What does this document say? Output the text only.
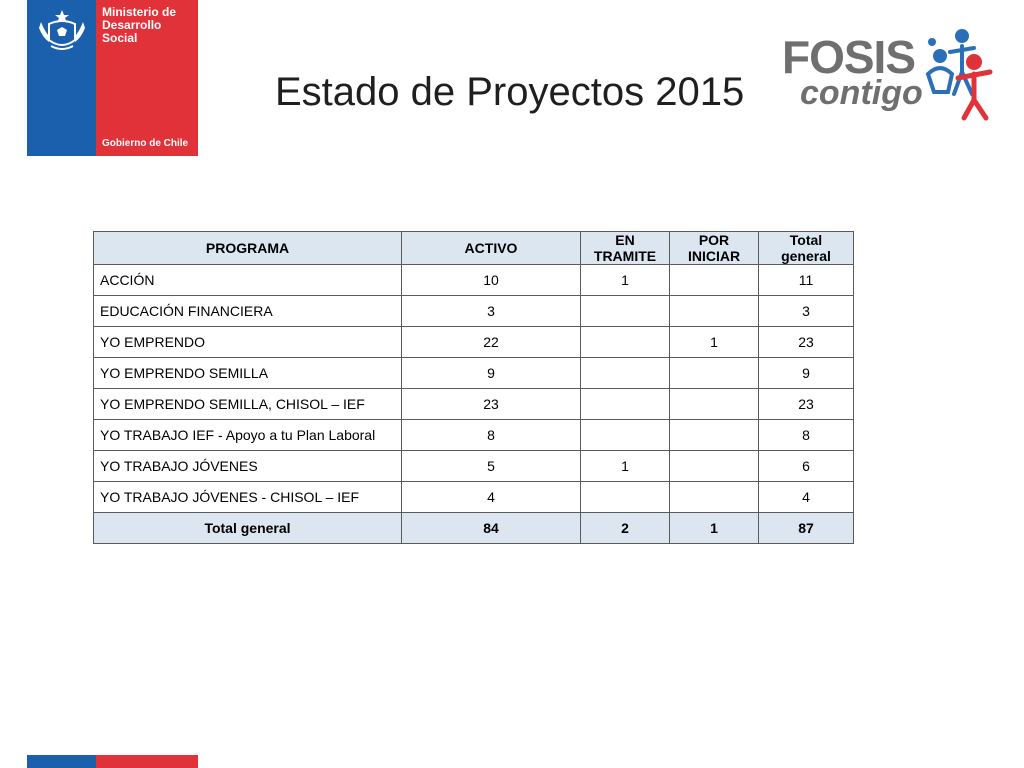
Ministerio de
Desarrollo
Social
Gobierno de Chile
Estado de Proyectos 2015
FOSIS
contigo
PROGRAMA	ACTIVO	EN TRAMITE	POR INICIAR	Total general
ACCIÓN	10	1		11
EDUCACIÓN FINANCIERA	3			3
YO EMPRENDO	22		1	23
YO EMPRENDO SEMILLA	9			9
YO EMPRENDO SEMILLA, CHISOL – IEF	23			23
YO TRABAJO IEF - Apoyo a tu Plan Laboral	8			8
YO TRABAJO JÓVENES	5	1		6
YO TRABAJO JÓVENES - CHISOL – IEF	4			4
Total general	84	2	1	87
